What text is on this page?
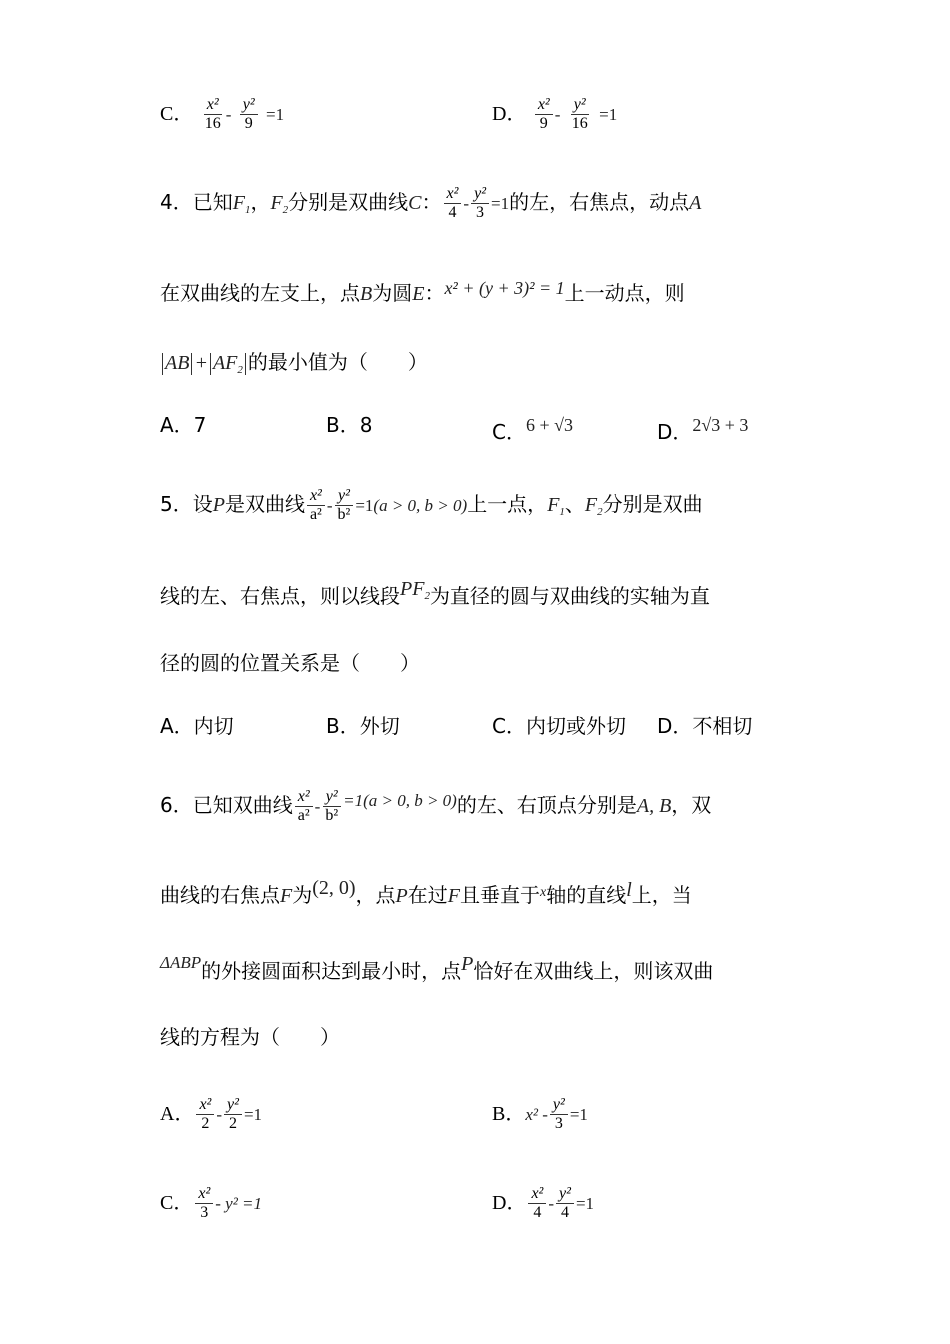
C． $\frac{\text{x²}}{16} - \frac{\text{y²}}{9} =1$	D． $\frac{\text{x²}}{9} - \frac{\text{y²}}{16} =1$
4．已知$F_1$，$F_2$分别是双曲线C： $\frac{\text{x²}}{4} - \frac{\text{y²}}{3} =1$的左，右焦点，动点A
在双曲线的左支上，点B为圆E：x² + (y + 3)² = 1上一动点，则
AB + $AF_2$ 的最小值为（　　）
A．7	B．8	C．6 + √3	D．2√3 + 3
5．设P是双曲线 $\frac{\text{x²}}{\text{a²}} - \frac{\text{y²}}{\text{b²}} =1(a > 0$, b > 0)上一点，$F_1$、$F_2$分别是双曲
线的左、右焦点，则以线段$PF_2$为直径的圆与双曲线的实轴为直
径的圆的位置关系是（　　）
A．内切	B．外切	C．内切或外切 D．不相切
6．已知双曲线 $\frac{\text{x²}}{\text{a²}} - \frac{\text{y²}}{\text{b²}} ^{=1(a > 0, b > 0)}$的左、右顶点分别是A, B，双
曲线的右焦点F为(2, 0)，点P在过F且垂直于$^x$轴的直线l上，当
$^{\Delta ABP}$的外接圆面积达到最小时，点P恰好在双曲线上，则该双曲
线的方程为（　　）
A． $\frac{\text{x²}}{2} - \frac{\text{y²}}{2} =1$	B．$x^2 - \frac{\text{y²}}{3} =1$
C． $\frac{\text{x²}}{3} - y^2 =1$	D． $\frac{\text{x²}}{4} - \frac{\text{y²}}{4} =1$
